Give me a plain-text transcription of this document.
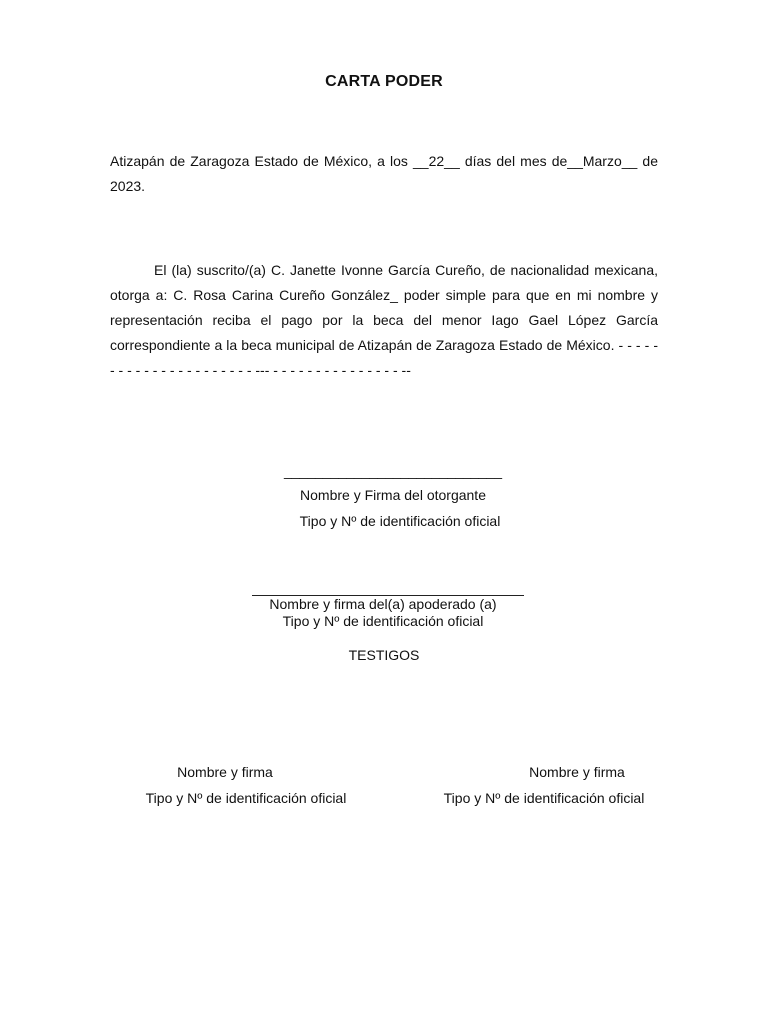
CARTA PODER
Atizapán de Zaragoza Estado de México, a los __22__ días del mes de__Marzo__ de 2023.
El (la) suscrito/(a) C. Janette Ivonne García Cureño, de nacionalidad mexicana, otorga a: C. Rosa Carina Cureño González_ poder simple para que en mi nombre y representación reciba el pago por la beca del menor Iago Gael López García correspondiente a la beca municipal de Atizapán de Zaragoza Estado de México. - - - - - - - - - - - - - - - - - - - - - - --- - - - - - - - - - - - - - - - --
____________________________
Nombre y Firma del otorgante
Tipo y Nº de identificación oficial
Nombre y firma del(a) apoderado (a)
Tipo y Nº de identificación oficial
TESTIGOS
Nombre y firma
Tipo y Nº de identificación oficial
Nombre y firma
Tipo y Nº de identificación oficial
